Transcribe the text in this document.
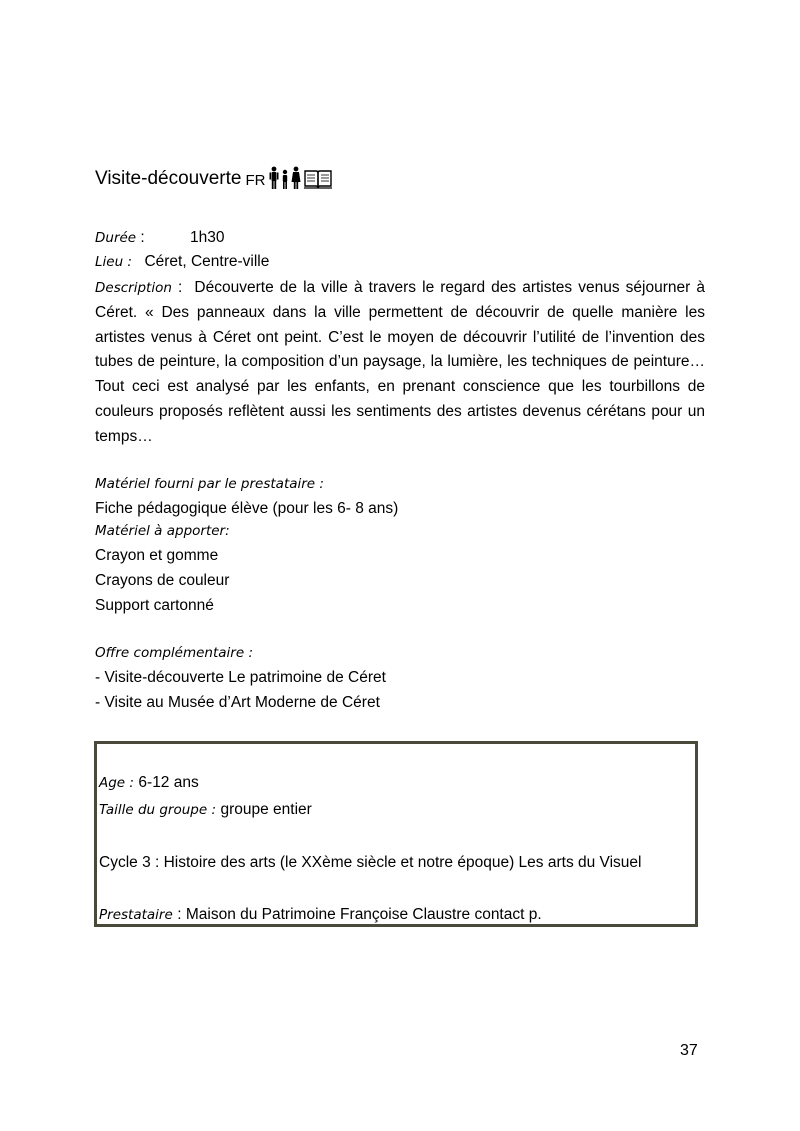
ARTS VIVANTS (MUSIQUE, LITTERATURE, PEINTURES)
Visite-découverte FR
Céret en couleur
Durée :	1h30
Lieu : Céret, Centre-ville

Description :  Découverte de la ville à travers le regard des artistes venus séjourner à Céret. « Des panneaux dans la ville permettent de découvrir de quelle manière les artistes venus à Céret ont peint. C’est le moyen de découvrir l’utilité de l’invention des tubes de peinture, la composition d’un paysage, la lumière, les techniques de peinture… Tout ceci est analysé par les enfants, en prenant conscience que les tourbillons de couleurs proposés reflètent aussi les sentiments des artistes devenus cérétans pour un temps…

Matériel fourni par le prestataire :
Fiche pédagogique élève (pour les 6- 8 ans)
Matériel à apporter:
Crayon et gomme
Crayons de couleur
Support cartonné
Offre complémentaire :
- Visite-découverte Le patrimoine de Céret
- Visite au Musée d’Art Moderne de Céret
Groupe :
Age : 6-12 ans
Taille du groupe : groupe entier
Programmes scolaires :
Cycle 3 : Histoire des arts (le XXème siècle et notre époque) Les arts du Visuel
Pour réserver / se renseigner
Prestataire : Maison du Patrimoine Françoise Claustre contact p.
37
